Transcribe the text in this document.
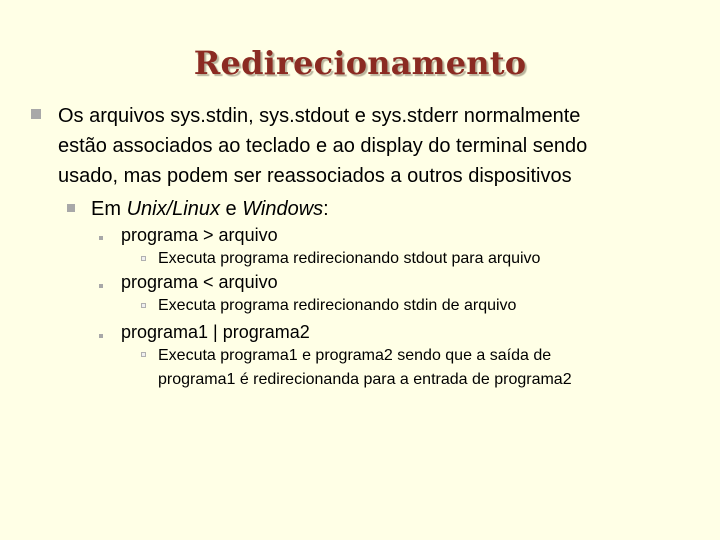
Redirecionamento
Os arquivos sys.stdin, sys.stdout e sys.stderr normalmente
estão associados ao teclado e ao display do terminal sendo
usado, mas podem ser reassociados a outros dispositivos
Em Unix/Linux e Windows:
programa > arquivo
Executa programa redirecionando stdout para arquivo
programa < arquivo
Executa programa redirecionando stdin de arquivo
programa1 | programa2
Executa programa1 e programa2 sendo que a saída de
programa1 é redirecionanda para a entrada de programa2
